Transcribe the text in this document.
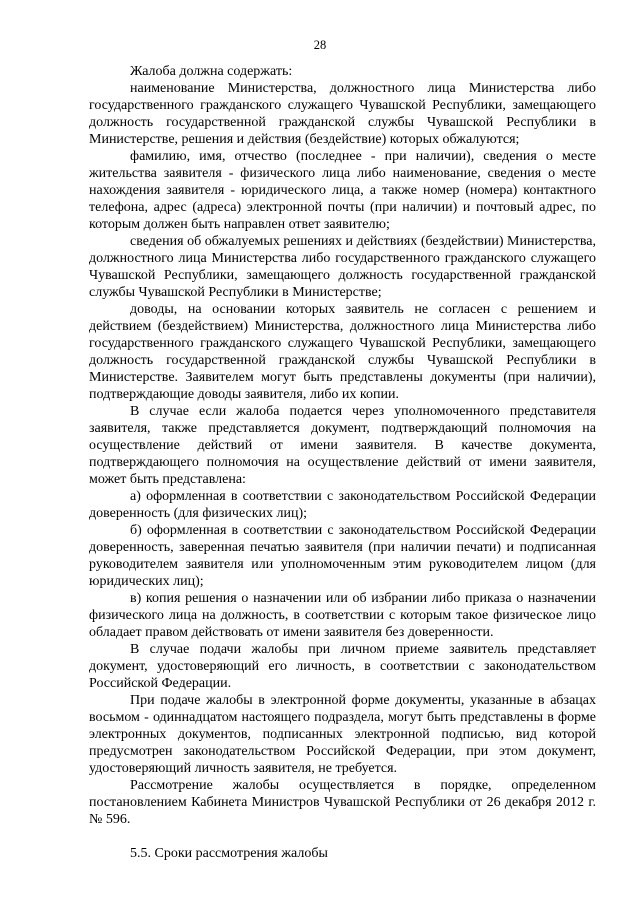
28

Жалоба должна содержать:

наименование Министерства, должностного лица Министерства либо государственного гражданского служащего Чувашской Республики, замещающего должность государственной гражданской службы Чувашской Республики в Министерстве, решения и действия (бездействие) которых обжалуются;

фамилию, имя, отчество (последнее - при наличии), сведения о месте жительства заявителя - физического лица либо наименование, сведения о месте нахождения заявителя - юридического лица, а также номер (номера) контактного телефона, адрес (адреса) электронной почты (при наличии) и почтовый адрес, по которым должен быть направлен ответ заявителю;

сведения об обжалуемых решениях и действиях (бездействии) Министерства, должностного лица Министерства либо государственного гражданского служащего Чувашской Республики, замещающего должность государственной гражданской службы Чувашской Республики в Министерстве;

доводы, на основании которых заявитель не согласен с решением и действием (бездействием) Министерства, должностного лица Министерства либо государственного гражданского служащего Чувашской Республики, замещающего должность государственной гражданской службы Чувашской Республики в Министерстве. Заявителем могут быть представлены документы (при наличии), подтверждающие доводы заявителя, либо их копии.

В случае если жалоба подается через уполномоченного представителя заявителя, также представляется документ, подтверждающий полномочия на осуществление действий от имени заявителя. В качестве документа, подтверждающего полномочия на осуществление действий от имени заявителя, может быть представлена:

а) оформленная в соответствии с законодательством Российской Федерации доверенность (для физических лиц);

б) оформленная в соответствии с законодательством Российской Федерации доверенность, заверенная печатью заявителя (при наличии печати) и подписанная руководителем заявителя или уполномоченным этим руководителем лицом (для юридических лиц);

в) копия решения о назначении или об избрании либо приказа о назначении физического лица на должность, в соответствии с которым такое физическое лицо обладает правом действовать от имени заявителя без доверенности.

В случае подачи жалобы при личном приеме заявитель представляет документ, удостоверяющий его личность, в соответствии с законодательством Российской Федерации.

При подаче жалобы в электронной форме документы, указанные в абзацах восьмом - одиннадцатом настоящего подраздела, могут быть представлены в форме электронных документов, подписанных электронной подписью, вид которой предусмотрен законодательством Российской Федерации, при этом документ, удостоверяющий личность заявителя, не требуется.

Рассмотрение жалобы осуществляется в порядке, определенном постановлением Кабинета Министров Чувашской Республики от 26 декабря 2012 г. № 596.

5.5. Сроки рассмотрения жалобы
